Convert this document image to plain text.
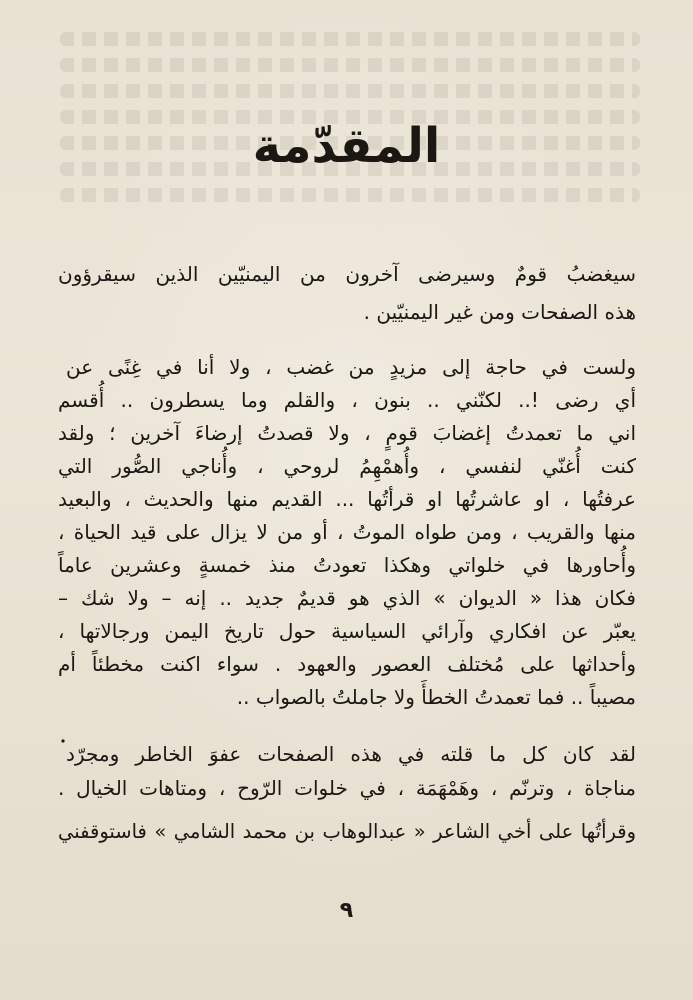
المقدّمة
سيغضبُ قومٌ وسيرضى آخرون من اليمنيّين الذين سيقرؤون
هذه الصفحات ومن غير اليمنيّين .
ولست في حاجة إلى مزيدٍ من غضب ، ولا أنا في غِنًى عن
أي رضى !.. لكنّني .. بنون ، والقلم وما يسطرون .. أُقسم
اني ما تعمدتُ إغضابَ قومٍ ، ولا قصدتُ إرضاءَ آخرين ؛ ولقد
كنت أُغنّي لنفسي ، وأُهمْهِمُ لروحي ، وأُناجي الصُّور التي
عرفتُها ، او عاشرتُها او قرأتُها ... القديم منها والحديث ، والبعيد
منها والقريب ، ومن طواه الموتُ ، أو من لا يزال على قيد الحياة ،
وأُحاورها في خلواتي وهكذا تعودتُ منذ خمسةٍ وعشرين عاماً
فكان هذا « الديوان » الذي هو قديمٌ جديد .. إنه – ولا شك –
يعبّر عن افكاري وآرائي السياسية حول تاريخ اليمن ورجالاتها ،
وأحداثها على مُختلف العصور والعهود . سواء اكنت مخطئاً أم
مصيباً .. فما تعمدتُ الخطأَ ولا جاملتُ بالصواب ..
لقد كان كل ما قلته في هذه الصفحات عفوَ الخاطر ومجرّد
مناجاة ، وترنّم ، وهَمْهَمَة ، في خلوات الرّوح ، ومتاهات الخيال .
وقرأتُها على أخي الشاعر « عبدالوهاب بن محمد الشامي » فاستوقفني
٩
